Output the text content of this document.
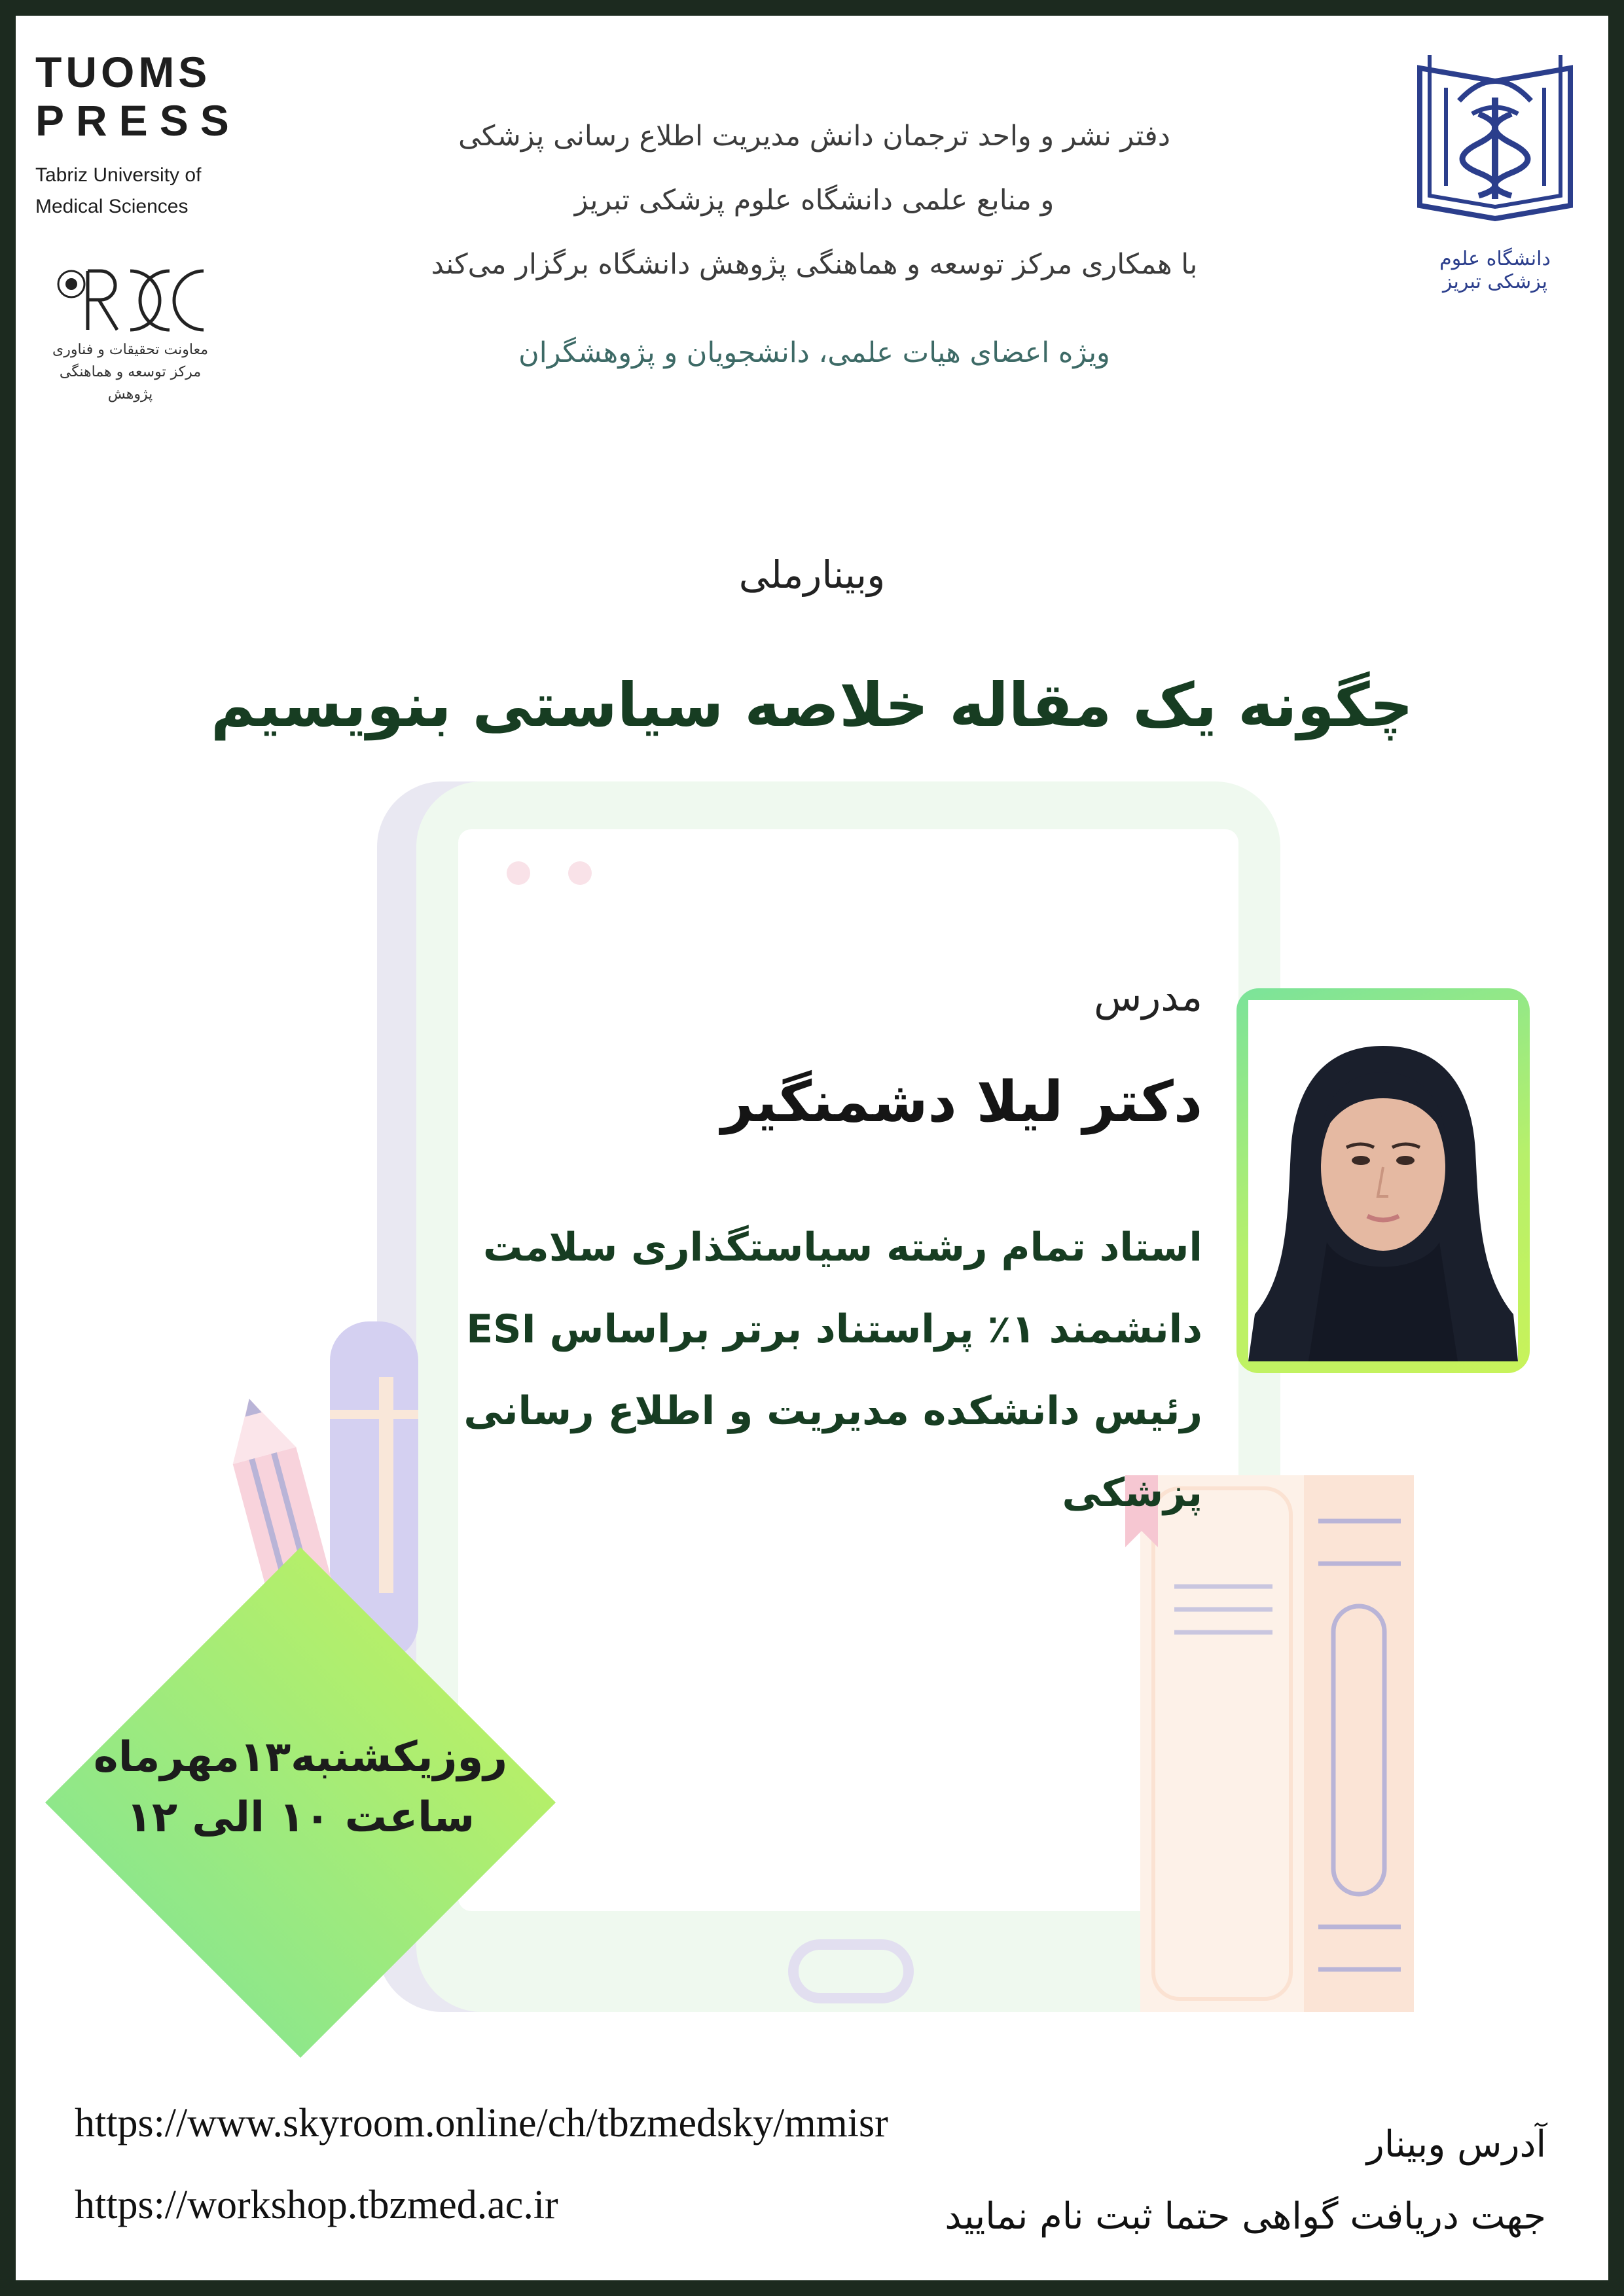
TUOMS
PRESS
Tabriz University of
Medical Sciences
معاونت تحقیقات و فناوری
مرکز توسعه و هماهنگی پژوهش
دفتر نشر و واحد ترجمان دانش مدیریت اطلاع رسانی پزشکی
و منابع علمی دانشگاه علوم پزشکی تبریز
با همکاری مرکز توسعه و هماهنگی پژوهش دانشگاه برگزار می‌کند
ویژه اعضای هیات علمی، دانشجویان و پژوهشگران
دانشگاه علوم پزشکی تبریز
وبینارملی
چگونه یک مقاله خلاصه سیاستی بنویسیم
مدرس
دکتر لیلا دشمنگیر
استاد تمام رشته سیاستگذاری سلامت
دانشمند ۱٪ پراستناد برتر براساس ESI
رئیس دانشکده مدیریت و اطلاع رسانی پزشکی
روزیکشنبه۱۳مهرماه
ساعت ۱۰ الی ۱۲
https://www.skyroom.online/ch/tbzmedsky/mmisr
https://workshop.tbzmed.ac.ir
آدرس وبینار
جهت دریافت گواهی حتما ثبت نام نمایید
